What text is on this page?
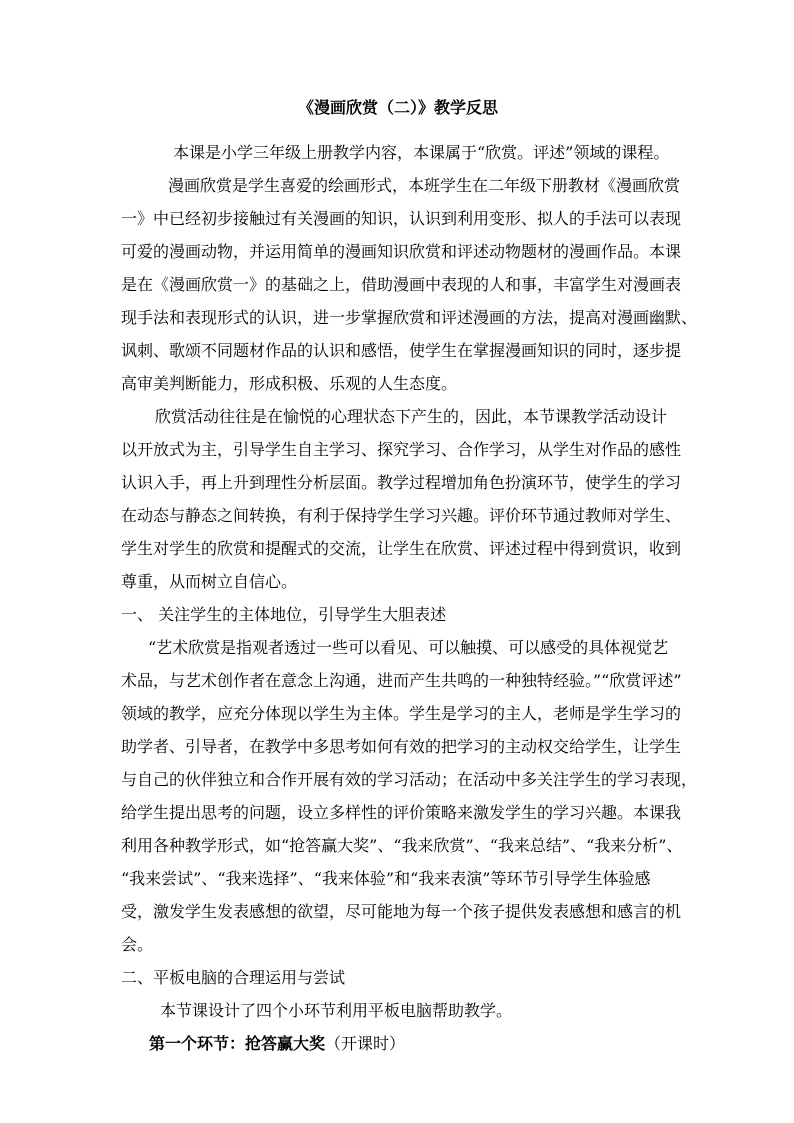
《漫画欣赏（二）》教学反思
本课是小学三年级上册教学内容，本课属于“欣赏。评述”领域的课程。
漫画欣赏是学生喜爱的绘画形式，本班学生在二年级下册教材《漫画欣赏
一》中已经初步接触过有关漫画的知识，认识到利用变形、拟人的手法可以表现
可爱的漫画动物，并运用简单的漫画知识欣赏和评述动物题材的漫画作品。本课
是在《漫画欣赏一》的基础之上，借助漫画中表现的人和事，丰富学生对漫画表
现手法和表现形式的认识，进一步掌握欣赏和评述漫画的方法，提高对漫画幽默、
讽刺、歌颂不同题材作品的认识和感悟，使学生在掌握漫画知识的同时，逐步提
高审美判断能力，形成积极、乐观的人生态度。
欣赏活动往往是在愉悦的心理状态下产生的，因此，本节课教学活动设计
以开放式为主，引导学生自主学习、探究学习、合作学习，从学生对作品的感性
认识入手，再上升到理性分析层面。教学过程增加角色扮演环节，使学生的学习
在动态与静态之间转换，有利于保持学生学习兴趣。评价环节通过教师对学生、
学生对学生的欣赏和提醒式的交流，让学生在欣赏、评述过程中得到赏识，收到
尊重，从而树立自信心。
一、 关注学生的主体地位，引导学生大胆表述
“艺术欣赏是指观者透过一些可以看见、可以触摸、可以感受的具体视觉艺
术品，与艺术创作者在意念上沟通，进而产生共鸣的一种独特经验。”“欣赏评述”
领域的教学，应充分体现以学生为主体。学生是学习的主人，老师是学生学习的
助学者、引导者，在教学中多思考如何有效的把学习的主动权交给学生，让学生
与自己的伙伴独立和合作开展有效的学习活动；在活动中多关注学生的学习表现，
给学生提出思考的问题，设立多样性的评价策略来激发学生的学习兴趣。本课我
利用各种教学形式，如“抢答赢大奖”、“我来欣赏”、“我来总结”、“我来分析”、
“我来尝试”、“我来选择”、“我来体验”和“我来表演”等环节引导学生体验感
受，激发学生发表感想的欲望，尽可能地为每一个孩子提供发表感想和感言的机
会。
二、平板电脑的合理运用与尝试
本节课设计了四个小环节利用平板电脑帮助教学。
第一个环节：抢答赢大奖（开课时）
